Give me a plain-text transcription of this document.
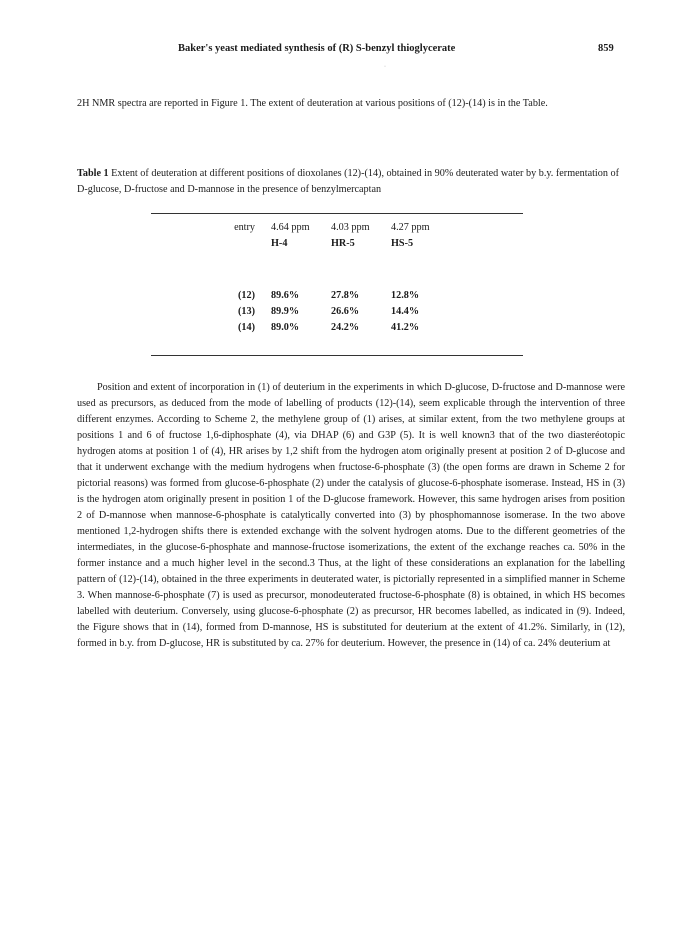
Baker's yeast mediated synthesis of (R) S-benzyl thioglycerate	859
·
2H NMR spectra are reported in Figure 1. The extent of deuteration at various positions of (12)-(14) is in the Table.
Table 1 Extent of deuteration at different positions of dioxolanes (12)-(14), obtained in 90% deuterated water by b.y. fermentation of D-glucose, D-fructose and D-mannose in the presence of benzylmercaptan
entry	4.64 ppm	4.03 ppm	4.27 ppm
	H-4	HR-5	HS-5

(12)	89.6%	27.8%	12.8%
(13)	89.9%	26.6%	14.4%
(14)	89.0%	24.2%	41.2%

Position and extent of incorporation in (1) of deuterium in the experiments in which D-glucose, D-fructose and D-mannose were used as precursors, as deduced from the mode of labelling of products (12)-(14), seem explicable through the intervention of three different enzymes. According to Scheme 2, the methylene group of (1) arises, at similar extent, from the two methylene groups at positions 1 and 6 of fructose 1,6-diphosphate (4), via DHAP (6) and G3P (5). It is well known3 that of the two diasteréotopic hydrogen atoms at position 1 of (4), HR arises by 1,2 shift from the hydrogen atom originally present at position 2 of D-glucose and that it underwent exchange with the medium hydrogens when fructose-6-phosphate (3) (the open forms are drawn in Scheme 2 for pictorial reasons) was formed from glucose-6-phosphate (2) under the catalysis of glucose-6-phosphate isomerase. Instead, HS in (3) is the hydrogen atom originally present in position 1 of the D-glucose framework. However, this same hydrogen arises from position 2 of D-mannose when mannose-6-phosphate is catalytically converted into (3) by phosphomannose isomerase. In the two above mentioned 1,2-hydrogen shifts there is extended exchange with the solvent hydrogen atoms. Due to the different geometries of the intermediates, in the glucose-6-phosphate and mannose-fructose isomerizations, the extent of the exchange reaches ca. 50% in the former instance and a much higher level in the second.3 Thus, at the light of these considerations an explanation for the labelling pattern of (12)-(14), obtained in the three experiments in deuterated water, is pictorially represented in a simplified manner in Scheme 3. When mannose-6-phosphate (7) is used as precursor, monodeuterated fructose-6-phosphate (8) is obtained, in which HS becomes labelled with deuterium. Conversely, using glucose-6-phosphate (2) as precursor, HR becomes labelled, as indicated in (9). Indeed, the Figure shows that in (14), formed from D-mannose, HS is substituted for deuterium at the extent of 41.2%. Similarly, in (12), formed in b.y. from D-glucose, HR is substituted by ca. 27% for deuterium. However, the presence in (14) of ca. 24% deuterium at
